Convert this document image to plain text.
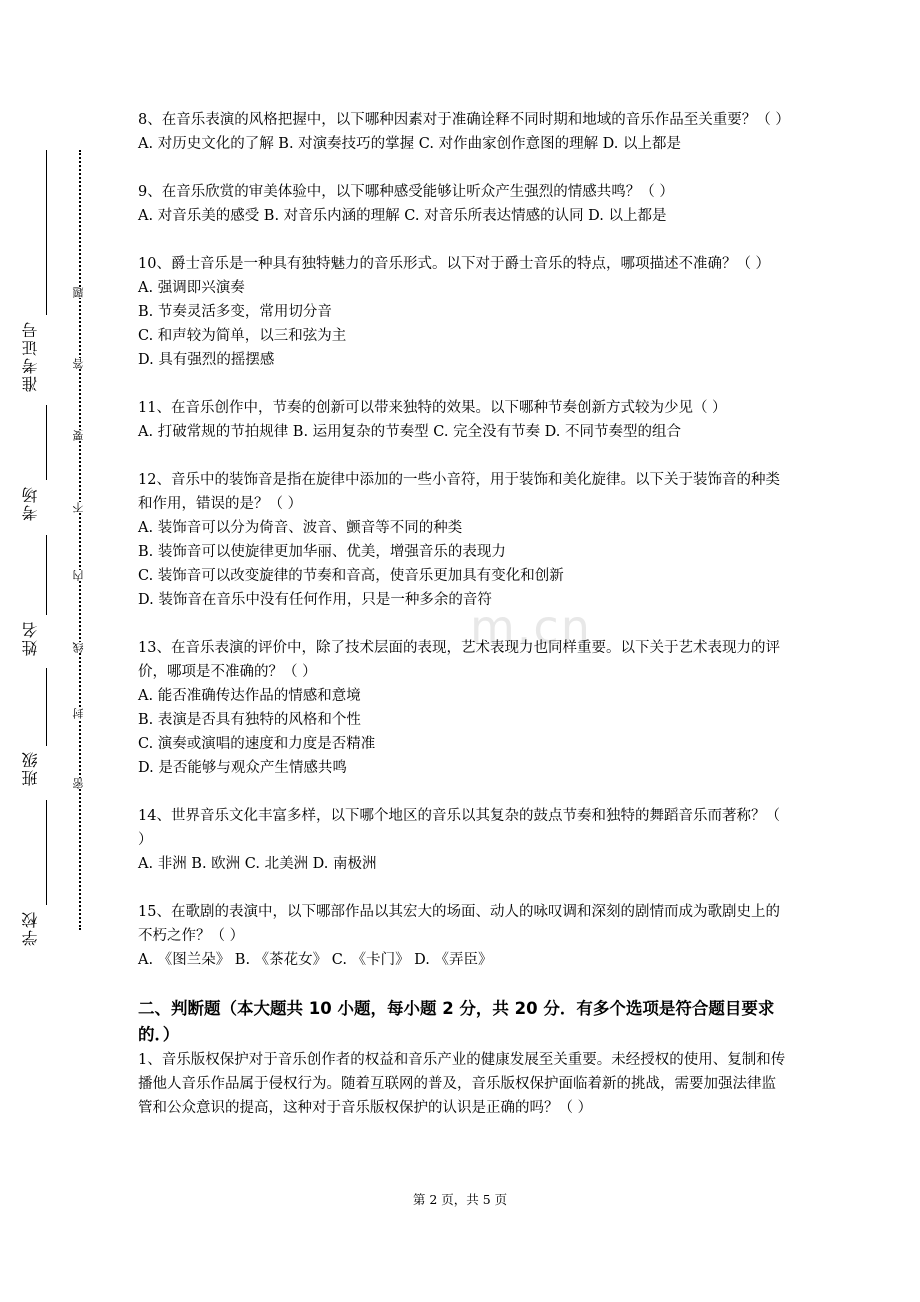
m.cn
准考证号
考场
姓名
班级
学校
题
答
要
不
内
线
封
密

8、在音乐表演的风格把握中，以下哪种因素对于准确诠释不同时期和地域的音乐作品至关重要？（ ）

A. 对历史文化的了解 B. 对演奏技巧的掌握 C. 对作曲家创作意图的理解 D. 以上都是

9、在音乐欣赏的审美体验中，以下哪种感受能够让听众产生强烈的情感共鸣？（ ）

A. 对音乐美的感受 B. 对音乐内涵的理解 C. 对音乐所表达情感的认同 D. 以上都是

10、爵士音乐是一种具有独特魅力的音乐形式。以下对于爵士音乐的特点，哪项描述不准确？（ ）

A. 强调即兴演奏

B. 节奏灵活多变，常用切分音

C. 和声较为简单，以三和弦为主

D. 具有强烈的摇摆感

11、在音乐创作中，节奏的创新可以带来独特的效果。以下哪种节奏创新方式较为少见（ ）

A. 打破常规的节拍规律 B. 运用复杂的节奏型 C. 完全没有节奏 D. 不同节奏型的组合

12、音乐中的装饰音是指在旋律中添加的一些小音符，用于装饰和美化旋律。以下关于装饰音的种类和作用，错误的是？（ ）

A. 装饰音可以分为倚音、波音、颤音等不同的种类

B. 装饰音可以使旋律更加华丽、优美，增强音乐的表现力

C. 装饰音可以改变旋律的节奏和音高，使音乐更加具有变化和创新

D. 装饰音在音乐中没有任何作用，只是一种多余的音符

13、在音乐表演的评价中，除了技术层面的表现，艺术表现力也同样重要。以下关于艺术表现力的评价，哪项是不准确的？（ ）

A. 能否准确传达作品的情感和意境

B. 表演是否具有独特的风格和个性

C. 演奏或演唱的速度和力度是否精准

D. 是否能够与观众产生情感共鸣

14、世界音乐文化丰富多样，以下哪个地区的音乐以其复杂的鼓点节奏和独特的舞蹈音乐而著称？（ ）

A. 非洲 B. 欧洲 C. 北美洲 D. 南极洲

15、在歌剧的表演中，以下哪部作品以其宏大的场面、动人的咏叹调和深刻的剧情而成为歌剧史上的不朽之作？（ ）

A. 《图兰朵》 B. 《茶花女》 C. 《卡门》 D. 《弄臣》

二、判断题（本大题共 10 小题，每小题 2 分，共 20 分．有多个选项是符合题目要求的．）

1、音乐版权保护对于音乐创作者的权益和音乐产业的健康发展至关重要。未经授权的使用、复制和传播他人音乐作品属于侵权行为。随着互联网的普及，音乐版权保护面临着新的挑战，需要加强法律监管和公众意识的提高，这种对于音乐版权保护的认识是正确的吗？（ ）

第 2 页，共 5 页
